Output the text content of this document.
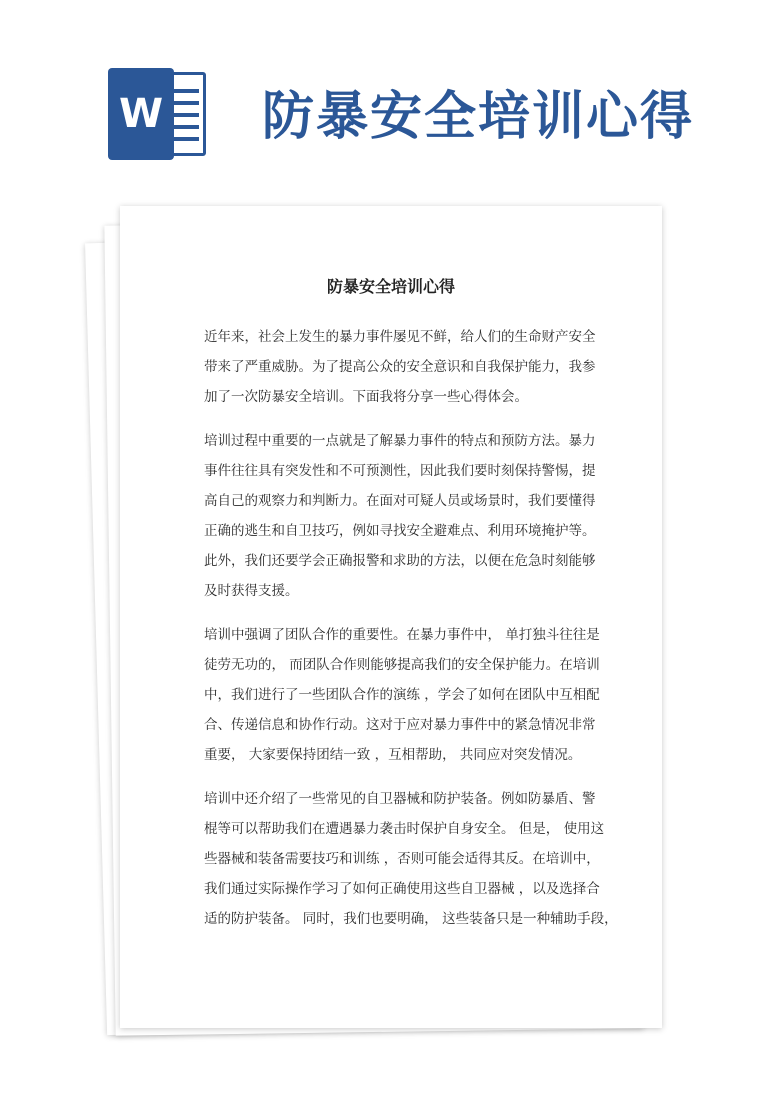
W 防暴安全培训心得
防暴安全培训心得
近年来，社会上发生的暴力事件屡见不鲜，给人们的生命财产安全
带来了严重威胁。为了提高公众的安全意识和自我保护能力，我参
加了一次防暴安全培训。下面我将分享一些心得体会。
培训过程中重要的一点就是了解暴力事件的特点和预防方法。暴力
事件往往具有突发性和不可预测性，因此我们要时刻保持警惕，提
高自己的观察力和判断力。在面对可疑人员或场景时，我们要懂得
正确的逃生和自卫技巧，例如寻找安全避难点、利用环境掩护等。
此外，我们还要学会正确报警和求助的方法，以便在危急时刻能够
及时获得支援。
培训中强调了团队合作的重要性。在暴力事件中， 单打独斗往往是
徒劳无功的， 而团队合作则能够提高我们的安全保护能力。在培训
中，我们进行了一些团队合作的演练 ，学会了如何在团队中互相配
合、传递信息和协作行动。这对于应对暴力事件中的紧急情况非常
重要， 大家要保持团结一致 ，互相帮助， 共同应对突发情况。
培训中还介绍了一些常见的自卫器械和防护装备。例如防暴盾、警
棍等可以帮助我们在遭遇暴力袭击时保护自身安全。 但是， 使用这
些器械和装备需要技巧和训练 ，否则可能会适得其反。在培训中，
我们通过实际操作学习了如何正确使用这些自卫器械 ，以及选择合
适的防护装备。 同时，我们也要明确， 这些装备只是一种辅助手段，
